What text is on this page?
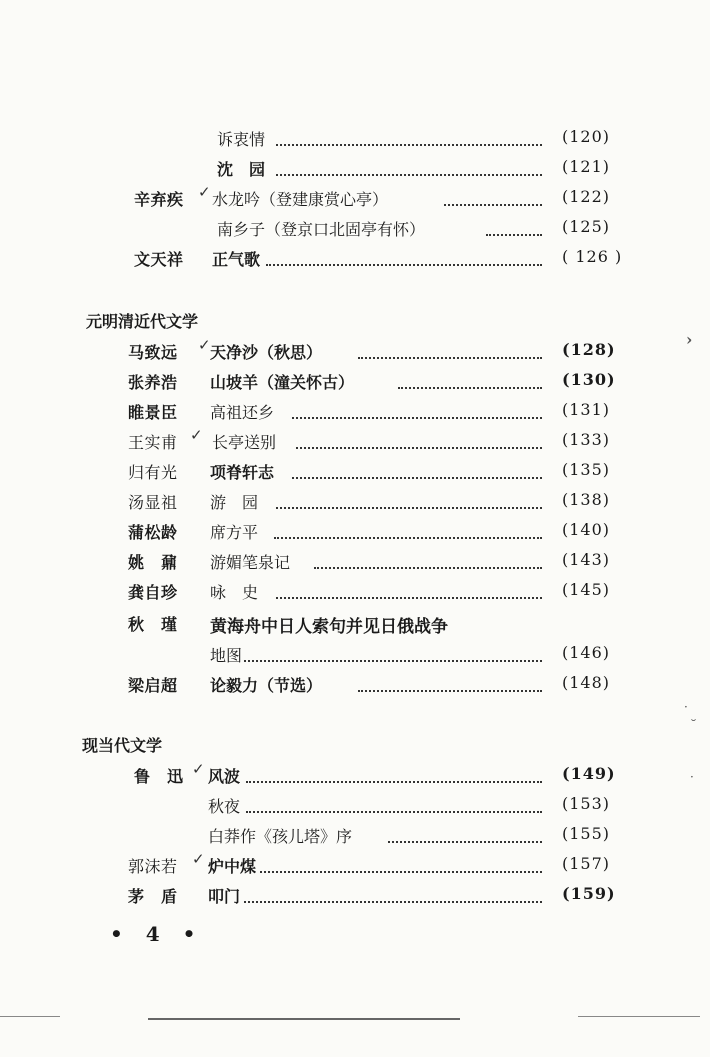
诉衷情	(120)
沈　园	(121)
辛弃疾 ✓ 水龙吟（登建康赏心亭）	(122)
南乡子（登京口北固亭有怀）	(125)
文天祥 正气歌	( 126 )
元明清近代文学
马致远 ✓ 天净沙（秋思）	(128)
张养浩 山坡羊（潼关怀古）	(130)
睢景臣 高祖还乡	(131)
王实甫 ✓ 长亭送别	(133)
归有光 项脊轩志	(135)
汤显祖 游　园	(138)
蒲松龄 席方平	(140)
姚　鼐 游媚笔泉记	(143)
龚自珍 咏　史	(145)
秋　瑾 黄海舟中日人索句并见日俄战争
地图	(146)
梁启超 论毅力（节选）	(148)
现当代文学
鲁　迅 ✓ 风波	(149)
秋夜	(153)
白莽作《孩儿塔》序	(155)
郭沫若 ✓ 炉中煤	(157)
茅　盾 叩门	(159)
• 4 •
›
·
˘
·
